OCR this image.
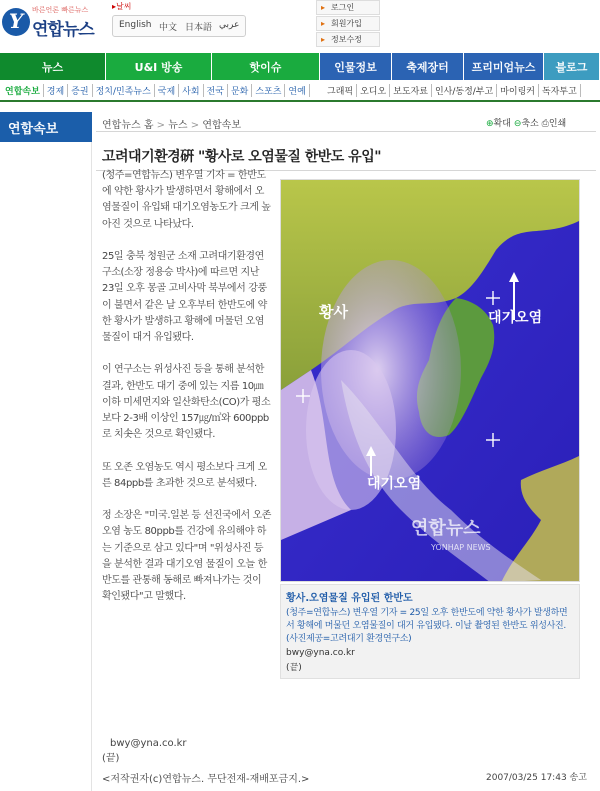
Y	바른언론 빠른뉴스
연합뉴스
▸날씨
English 中文 日本語 عربي
▸ 로그인
▸ 회원가입
▸ 정보수정
뉴스	U&I 방송	핫이슈	인물정보	축제장터	프리미엄뉴스	블로그
연합속보 경제 증권 정치/민족뉴스 국제 사회 전국 문화 스포츠 연예	그래픽 오디오 보도자료 인사/동정/부고 마이링커 독자투고
연합속보	연합뉴스 홈 > 뉴스 > 연합속보	⊕확대 ⊖축소 ⎙인쇄
고려대기환경硏 "황사로 오염물질 한반도 유입"

(청주=연합뉴스) 변우열 기자 = 한반도에 약한 황사가 발생하면서 황해에서 오염물질이 유입돼 대기오염농도가 크게 높아진 것으로 나타났다.

25일 충북 청원군 소재 고려대기환경연구소(소장 정용승 박사)에 따르면 지난 23일 오후 몽골 고비사막 북부에서 강풍이 불면서 같은 날 오후부터 한반도에 약한 황사가 발생하고 황해에 머물던 오염물질이 대거 유입됐다.

이 연구소는 위성사진 등을 통해 분석한 결과, 한반도 대기 중에 있는 지름 10㎛ 이하 미세먼지와 일산화탄소(CO)가 평소보다 2-3배 이상인 157㎍/㎥와 600ppb로 치솟은 것으로 확인됐다.

또 오존 오염농도 역시 평소보다 크게 오른 84ppb를 초과한 것으로 분석됐다.

정 소장은 "미국.일본 등 선진국에서 오존오염 농도 80ppb를 건강에 유의해야 하는 기준으로 삼고 있다"며 "위성사진 등을 분석한 결과 대기오염 물질이 오늘 한반도를 관통해 동해로 빠져나가는 것이 확인됐다"고 말했다.

황사	대기오염
대기오염
연합뉴스
YONHAP NEWS
황사.오염물질 유입된 한반도
(청주=연합뉴스) 변우열 기자 = 25일 오후 한반도에 약한 황사가 발생하면서 황해에 머물던 오염물질이 대거 유입됐다. 이날 촬영된 한반도 위성사진. (사진제공=고려대기 환경연구소)
bwy@yna.co.kr
(끝)
bwy@yna.co.kr
(끝)
<저작권자(c)연합뉴스. 무단전재-재배포금지.>	2007/03/25 17:43 송고
